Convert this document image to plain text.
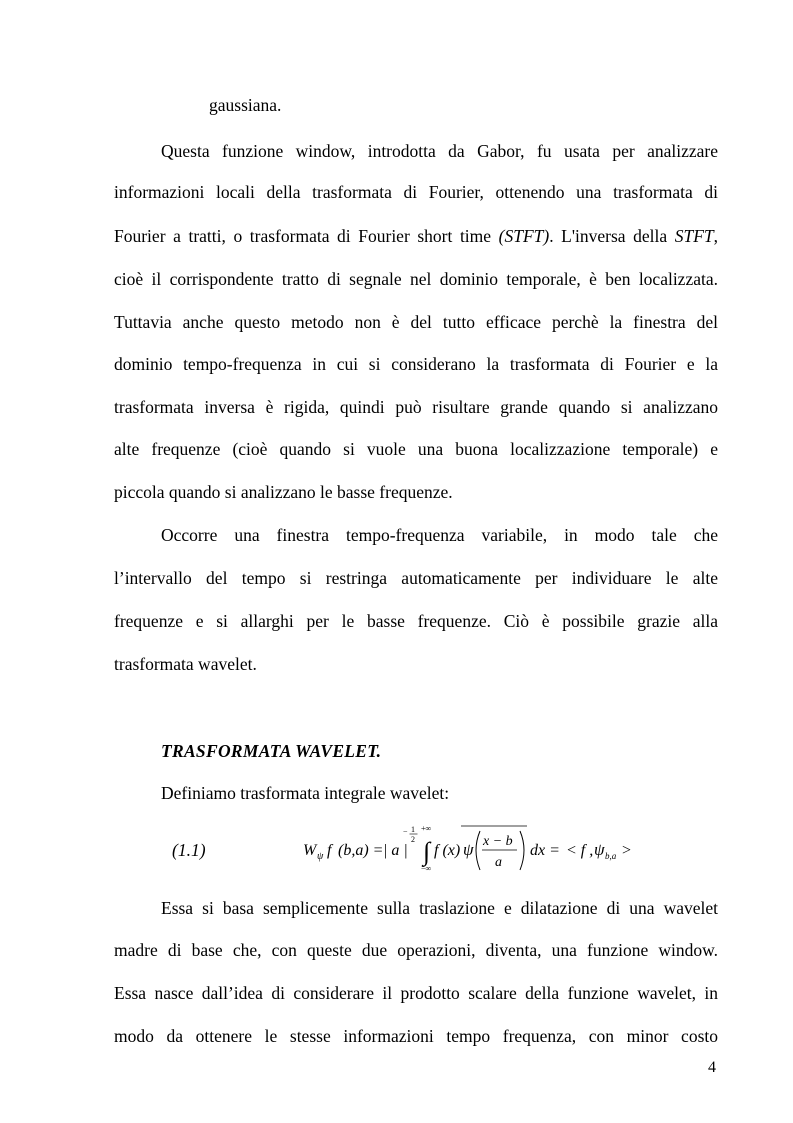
gaussiana.
Questa funzione window, introdotta da Gabor, fu usata per analizzare
informazioni locali della trasformata di Fourier, ottenendo una trasformata di
Fourier a tratti, o trasformata di Fourier short time (STFT). L'inversa della STFT,
cioè il corrispondente tratto di segnale nel dominio temporale, è ben localizzata.
Tuttavia anche questo metodo non è del tutto efficace perchè la finestra del
dominio tempo-frequenza in cui si considerano la trasformata di Fourier e la
trasformata inversa è rigida, quindi può risultare grande quando si analizzano
alte frequenze (cioè quando si vuole una buona localizzazione temporale) e
piccola quando si analizzano le basse frequenze.
Occorre una finestra tempo-frequenza variabile, in modo tale che
l’intervallo del tempo si restringa automaticamente per individuare le alte
frequenze e si allarghi per le basse frequenze. Ciò è possibile grazie alla
trasformata wavelet.
TRASFORMATA WAVELET.
Definiamo trasformata integrale wavelet:
(1.1)	W ψ f (b,a) = | a |
− 1
2
+∞
∫
−∞
f (x) ψ x − b
a
dx = < f , ψ b,a >
Essa si basa semplicemente sulla traslazione e dilatazione di una wavelet
madre di base che, con queste due operazioni, diventa, una funzione window.
Essa nasce dall’idea di considerare il prodotto scalare della funzione wavelet, in
modo da ottenere le stesse informazioni tempo frequenza, con minor costo
4
